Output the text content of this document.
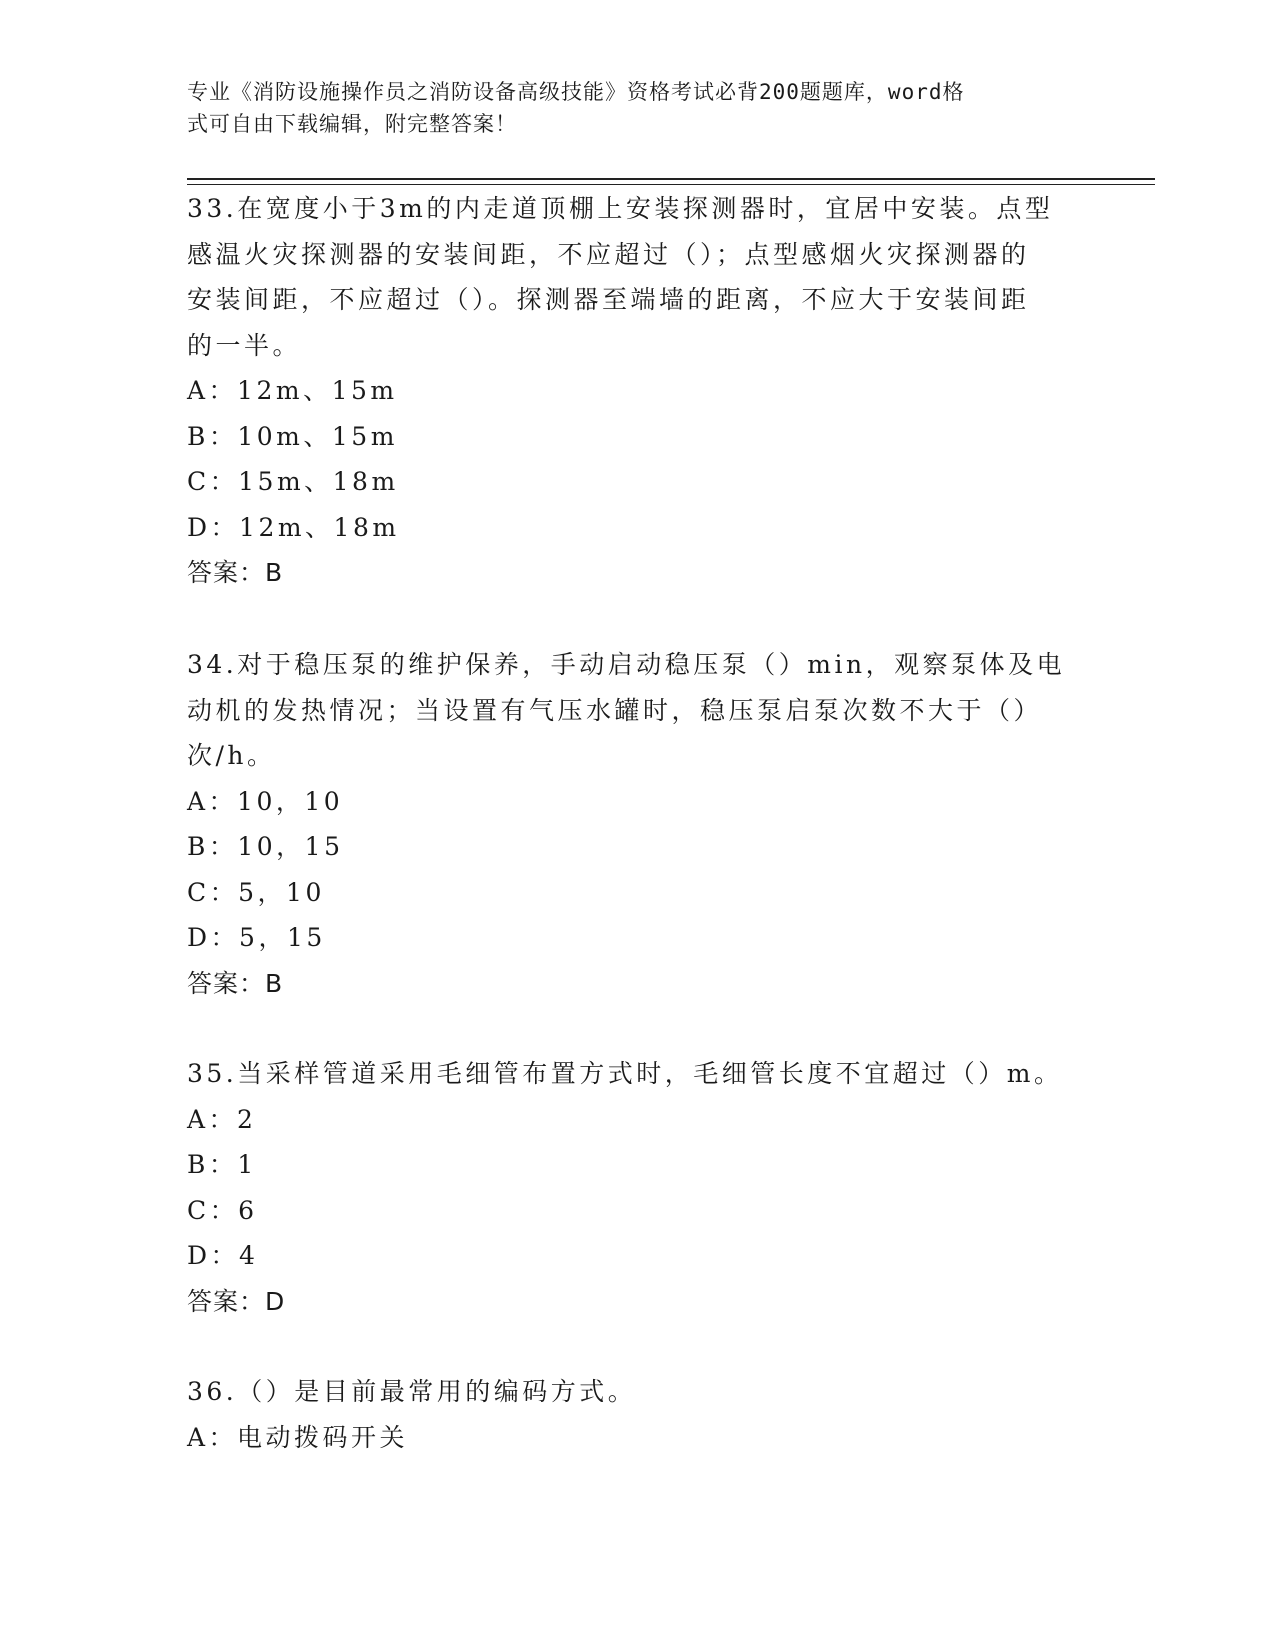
专业《消防设施操作员之消防设备高级技能》资格考试必背200题题库，word格
式可自由下载编辑，附完整答案！
33.在宽度小于3m的内走道顶棚上安装探测器时，宜居中安装。点型
感温火灾探测器的安装间距，不应超过（）；点型感烟火灾探测器的
安装间距，不应超过（）。探测器至端墙的距离，不应大于安装间距
的一半。
A：12m、15m
B：10m、15m
C：15m、18m
D：12m、18m
答案：B
34.对于稳压泵的维护保养，手动启动稳压泵（）min，观察泵体及电
动机的发热情况；当设置有气压水罐时，稳压泵启泵次数不大于（）
次/h。
A：10，10
B：10，15
C：5，10
D：5，15
答案：B
35.当采样管道采用毛细管布置方式时，毛细管长度不宜超过（）m。
A：2
B：1
C：6
D：4
答案：D
36.（）是目前最常用的编码方式。
A：电动拨码开关
